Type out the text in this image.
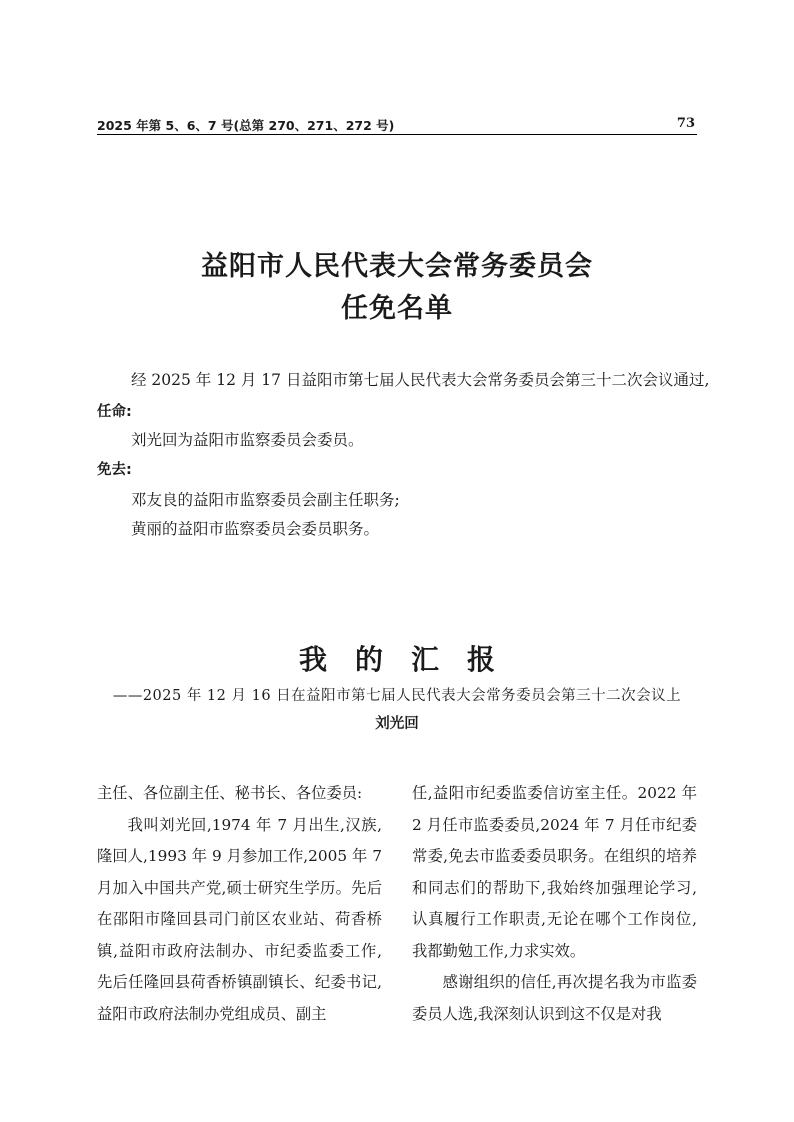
2025 年第 5、6、7 号(总第 270、271、272 号)	73
益阳市人民代表大会常务委员会
任免名单
经 2025 年 12 月 17 日益阳市第七届人民代表大会常务委员会第三十二次会议通过,
任命:
刘光回为益阳市监察委员会委员。
免去:
邓友良的益阳市监察委员会副主任职务;
黄丽的益阳市监察委员会委员职务。
我的汇报
——2025 年 12 月 16 日在益阳市第七届人民代表大会常务委员会第三十二次会议上
刘光回

主任、各位副主任、秘书长、各位委员:

我叫刘光回,1974 年 7 月出生,汉族,隆回人,1993 年 9 月参加工作,2005 年 7 月加入中国共产党,硕士研究生学历。先后在邵阳市隆回县司门前区农业站、荷香桥镇,益阳市政府法制办、市纪委监委工作,先后任隆回县荷香桥镇副镇长、纪委书记,益阳市政府法制办党组成员、副主

任,益阳市纪委监委信访室主任。2022 年 2 月任市监委委员,2024 年 7 月任市纪委常委,免去市监委委员职务。在组织的培养和同志们的帮助下,我始终加强理论学习,认真履行工作职责,无论在哪个工作岗位,我都勤勉工作,力求实效。

感谢组织的信任,再次提名我为市监委委员人选,我深刻认识到这不仅是对我
